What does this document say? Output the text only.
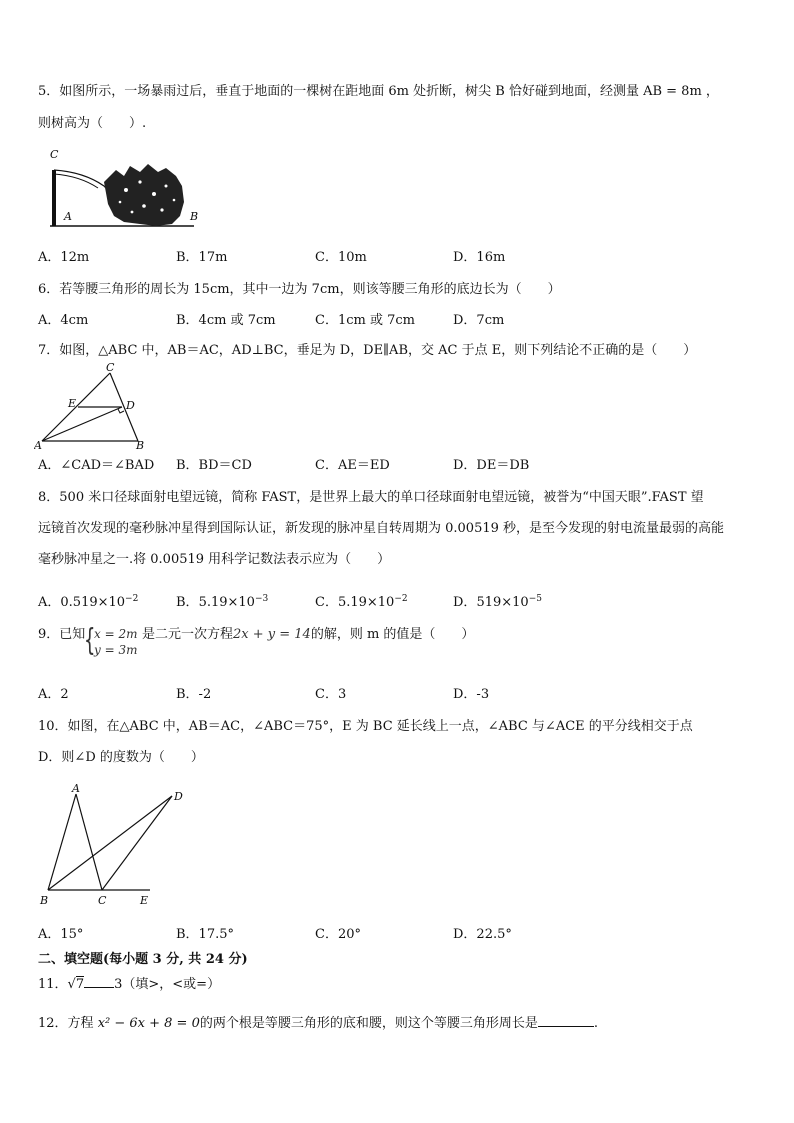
5．如图所示，一场暴雨过后，垂直于地面的一棵树在距地面 6m 处折断，树尖 B 恰好碰到地面，经测量 AB = 8m ，
则树高为（　　）.
C
A	B
A．12m	B．17m	C．10m	D．16m
6．若等腰三角形的周长为 15cm，其中一边为 7cm，则该等腰三角形的底边长为（　　）
A．4cm	B．4cm 或 7cm	C．1cm 或 7cm	D．7cm
7．如图，△ABC 中，AB＝AC，AD⊥BC，垂足为 D，DE∥AB，交 AC 于点 E，则下列结论不正确的是（　　）
C
E	D
A	B
A．∠CAD＝∠BAD B．BD＝CD	C．AE＝ED	D．DE＝DB
8．500 米口径球面射电望远镜，简称 FAST，是世界上最大的单口径球面射电望远镜，被誉为“中国天眼”.FAST 望
远镜首次发现的毫秒脉冲星得到国际认证，新发现的脉冲星自转周期为 0.00519 秒，是至今发现的射电流量最弱的高能
毫秒脉冲星之一.将 0.00519 用科学记数法表示应为（　　）
A．$0.519\times 10^{-2}$	B．$5.19\times 10^{-3}$	C．$5.19\times 10^{-2}$	D．$519\times 10^{-5}$
9．已知
{
x = 2m
y = 3m
是二元一次方程2x + y = 14的解，则 m 的值是（　　）
A．2	B．-2	C．3	D．-3
10．如图，在△ABC 中，AB＝AC，∠ABC＝75°，E 为 BC 延长线上一点，∠ABC 与∠ACE 的平分线相交于点
D．则∠D 的度数为（　　）
A
D
B	C	E
A．15°	B．17.5°	C．20°	D．22.5°
二、填空题(每小题 3 分, 共 24 分)
11．√7 3（填>，<或=）
12．方程 x² − 6x + 8 = 0的两个根是等腰三角形的底和腰，则这个等腰三角形周长是	.
